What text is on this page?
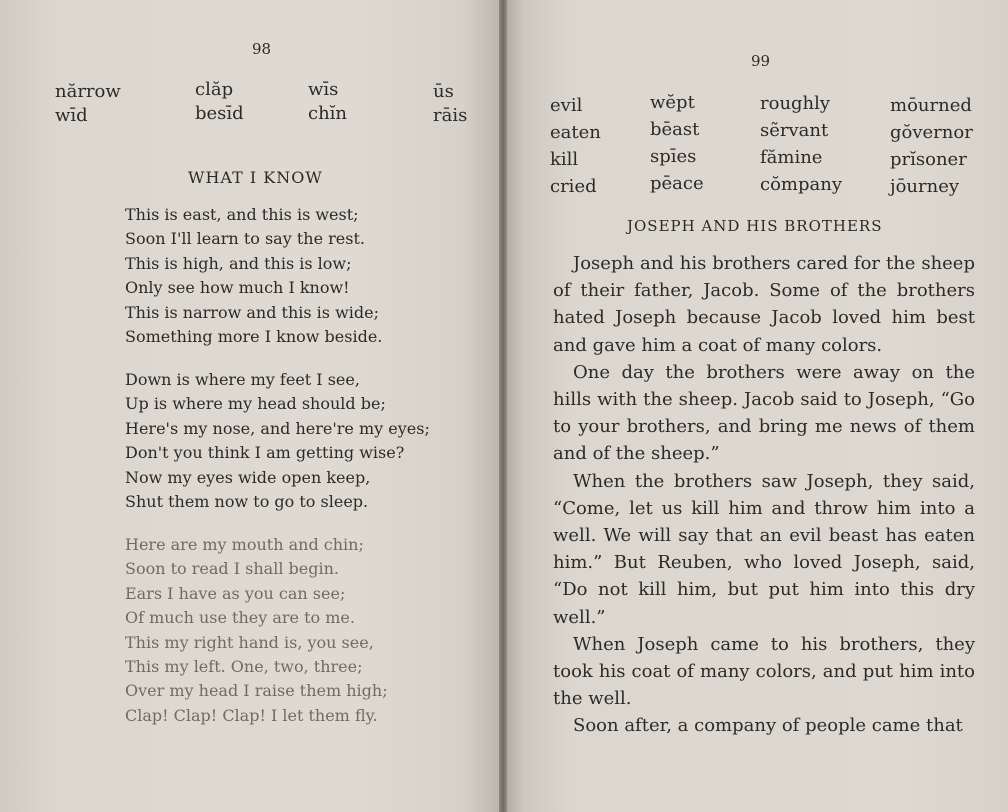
98
nărrow
wīd
clăp
besīd
wīs
chĭn
ūs
rāis
WHAT I KNOW
This is east, and this is west;
Soon I'll learn to say the rest.
This is high, and this is low;
Only see how much I know!
This is narrow and this is wide;
Something more I know beside.
Down is where my feet I see,
Up is where my head should be;
Here's my nose, and here're my eyes;
Don't you think I am getting wise?
Now my eyes wide open keep,
Shut them now to go to sleep.
Here are my mouth and chin;
Soon to read I shall begin.
Ears I have as you can see;
Of much use they are to me.
This my right hand is, you see,
This my left. One, two, three;
Over my head I raise them high;
Clap! Clap! Clap! I let them fly.
99
evil
eaten
kill
cried
wĕpt
bēast
spīes
pēace
roughly
sẽrvant
fămine
cŏmpany
mōurned
gŏvernor
prĭsoner
jōurney
JOSEPH AND HIS BROTHERS

Joseph and his brothers cared for the sheep of their father, Jacob. Some of the brothers hated Joseph because Jacob loved him best and gave him a coat of many colors.

One day the brothers were away on the hills with the sheep. Jacob said to Joseph, “Go to your brothers, and bring me news of them and of the sheep.”

When the brothers saw Joseph, they said, “Come, let us kill him and throw him into a well. We will say that an evil beast has eaten him.” But Reuben, who loved Joseph, said, “Do not kill him, but put him into this dry well.”

When Joseph came to his brothers, they took his coat of many colors, and put him into the well.

Soon after, a company of people came that
